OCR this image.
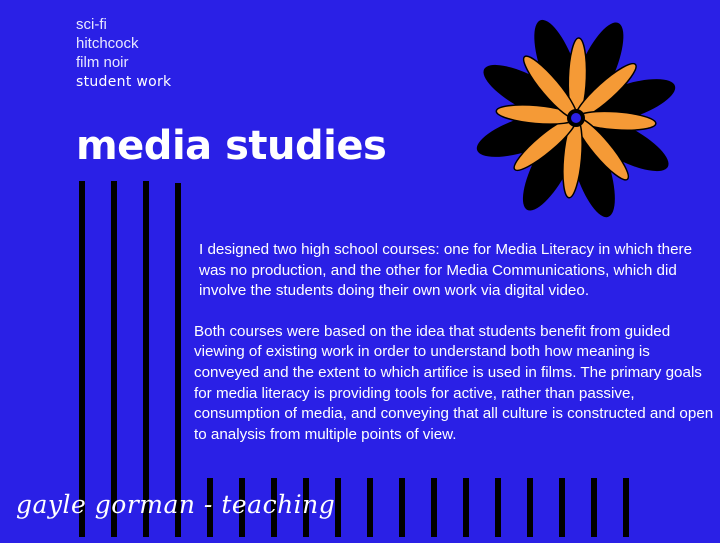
sci-fi
hitchcock
film noir
student work
media studies

I designed two high school courses: one for Media Literacy in which there was no production, and the other for Media Communications, which did involve the students doing their own work via digital video.

Both courses were based on the idea that students benefit from guided viewing of existing work in order to understand both how meaning is conveyed and the extent to which artifice is used in films. The primary goals for media literacy is providing tools for active, rather than passive, consumption of media, and conveying that all culture is constructed and open to analysis from multiple points of view.

gayle gorman - teaching
